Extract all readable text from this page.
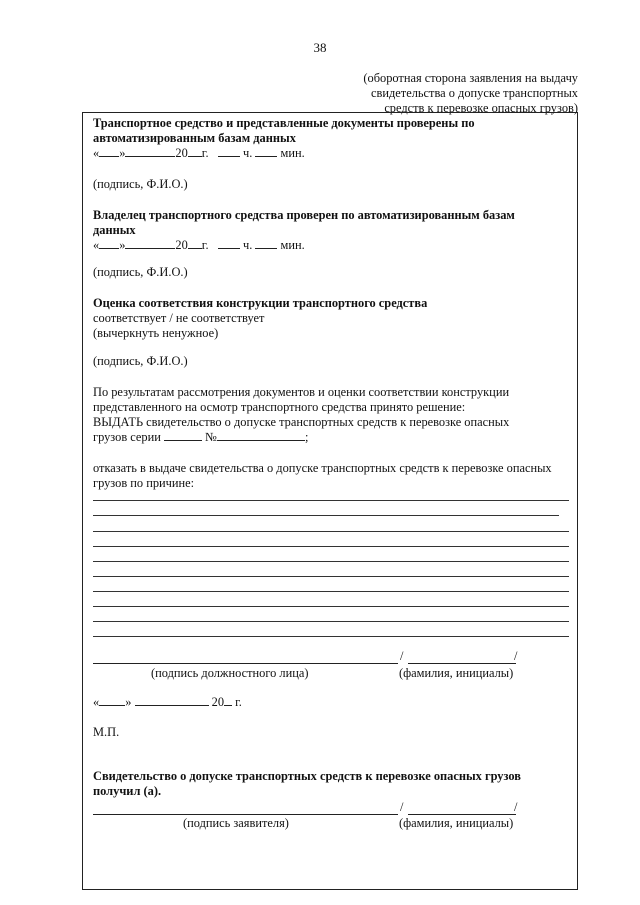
38
(оборотная сторона заявления на выдачу
свидетельства о допуске транспортных
средств к перевозке опасных грузов)
Транспортное средство и представленные документы проверены по
автоматизированным базам данных
« »	20 г.	ч. мин.
(подпись, Ф.И.О.)
Владелец транспортного средства проверен по автоматизированным базам
данных
« »	20 г.	ч. мин.
(подпись, Ф.И.О.)
Оценка соответствия конструкции транспортного средства
соответствует / не соответствует
(вычеркнуть ненужное)
(подпись, Ф.И.О.)
По результатам рассмотрения документов и оценки соответствии конструкции
представленного на осмотр транспортного средства принято решение:
ВЫДАТЬ свидетельство о допуске транспортных средств к перевозке опасных
грузов серии	№	;
отказать в выдаче свидетельства о допуске транспортных средств к перевозке опасных
грузов по причине:
/	/
(подпись должностного лица)	(фамилия, инициалы)
« »	20 г.
М.П.
Свидетельство о допуске транспортных средств к перевозке опасных грузов
получил (а).
/	/
(подпись заявителя)	(фамилия, инициалы)
